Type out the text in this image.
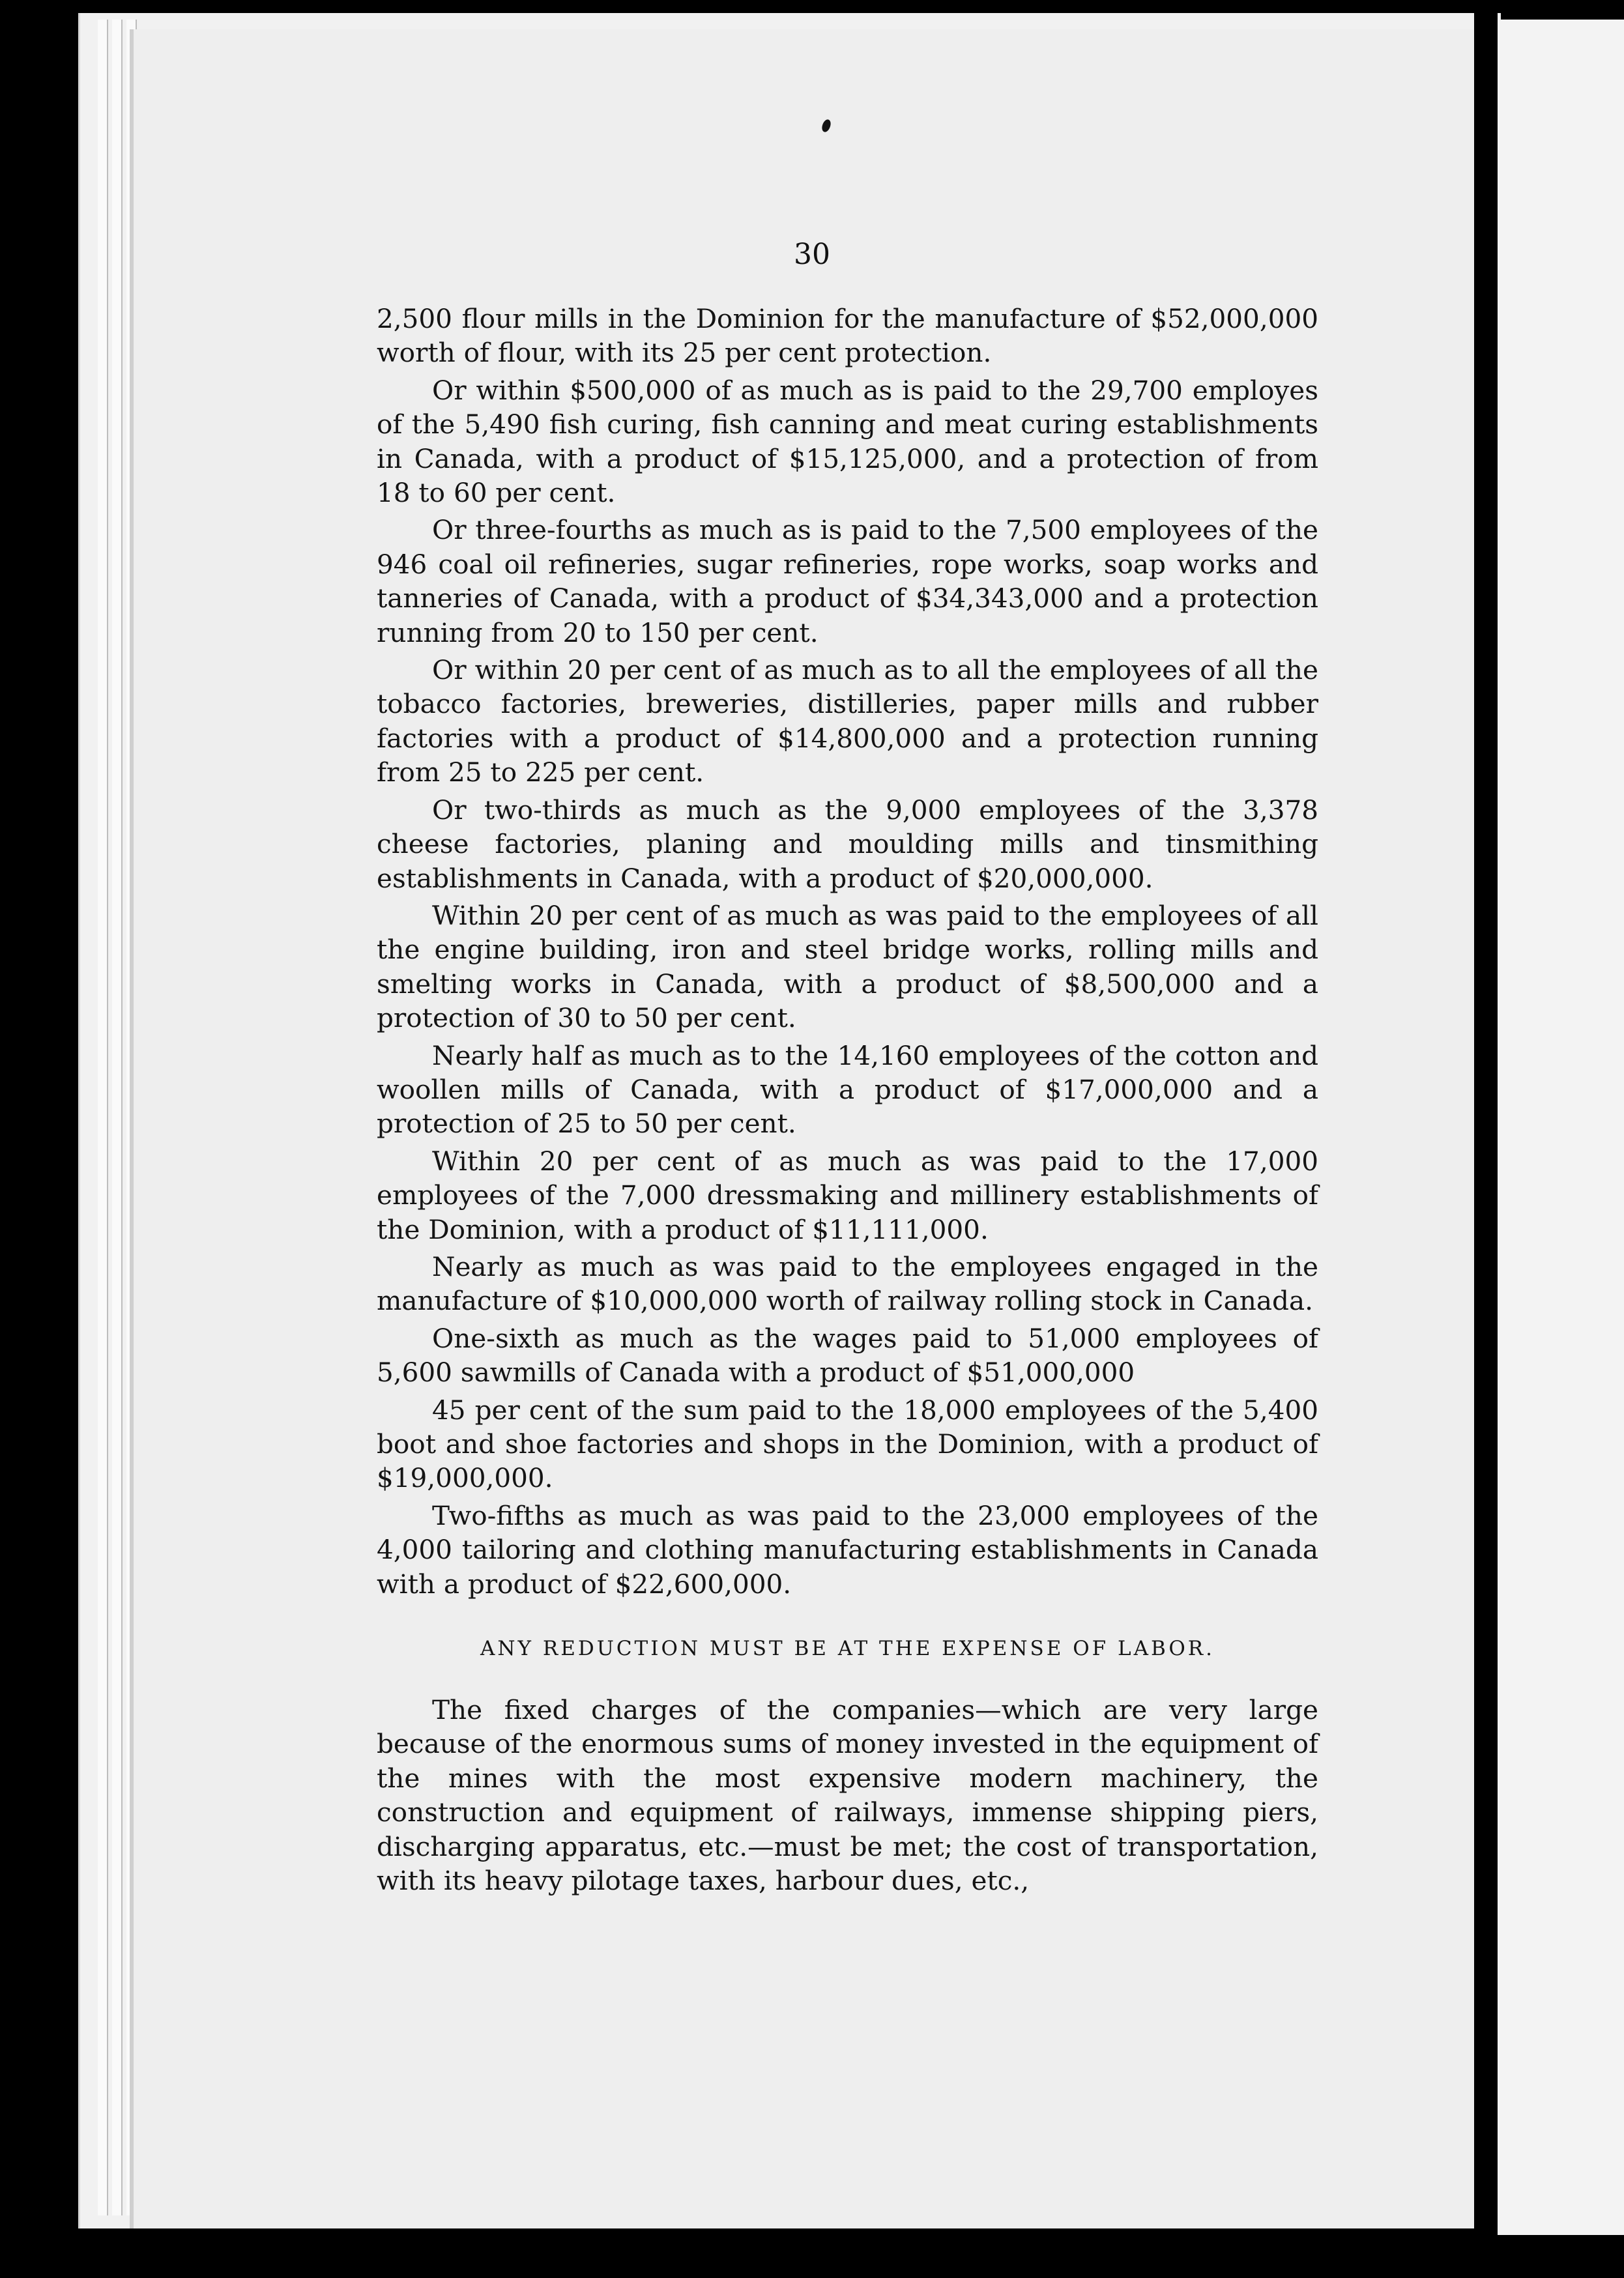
30

2,500 flour mills in the Dominion for the manufacture of $52,000,000 worth of flour, with its 25 per cent protection.

Or within $500,000 of as much as is paid to the 29,700 employes of the 5,490 fish curing, fish canning and meat curing establishments in Canada, with a product of $15,125,000, and a protection of from 18 to 60 per cent.

Or three-fourths as much as is paid to the 7,500 employees of the 946 coal oil refineries, sugar refineries, rope works, soap works and tanneries of Canada, with a product of $34,343,000 and a protection running from 20 to 150 per cent.

Or within 20 per cent of as much as to all the employees of all the tobacco factories, breweries, distilleries, paper mills and rubber factories with a product of $14,800,000 and a protection running from 25 to 225 per cent.

Or two-thirds as much as the 9,000 employees of the 3,378 cheese factories, planing and moulding mills and tinsmithing establishments in Canada, with a product of $20,000,000.

Within 20 per cent of as much as was paid to the employees of all the engine building, iron and steel bridge works, rolling mills and smelting works in Canada, with a product of $8,500,000 and a protection of 30 to 50 per cent.

Nearly half as much as to the 14,160 employees of the cotton and woollen mills of Canada, with a product of $17,000,000 and a protection of 25 to 50 per cent.

Within 20 per cent of as much as was paid to the 17,000 employees of the 7,000 dressmaking and millinery establishments of the Dominion, with a product of $11,111,000.

Nearly as much as was paid to the employees engaged in the manufacture of $10,000,000 worth of railway rolling stock in Canada.

One-sixth as much as the wages paid to 51,000 employees of 5,600 sawmills of Canada with a product of $51,000,000

45 per cent of the sum paid to the 18,000 employees of the 5,400 boot and shoe factories and shops in the Dominion, with a product of $19,000,000.

Two-fifths as much as was paid to the 23,000 employees of the 4,000 tailoring and clothing manufacturing establishments in Canada with a product of $22,600,000.

ANY REDUCTION MUST BE AT THE EXPENSE OF LABOR.

The fixed charges of the companies—which are very large because of the enormous sums of money invested in the equipment of the mines with the most expensive modern machinery, the construction and equipment of railways, immense shipping piers, discharging apparatus, etc.—must be met; the cost of transportation, with its heavy pilotage taxes, harbour dues, etc.,
